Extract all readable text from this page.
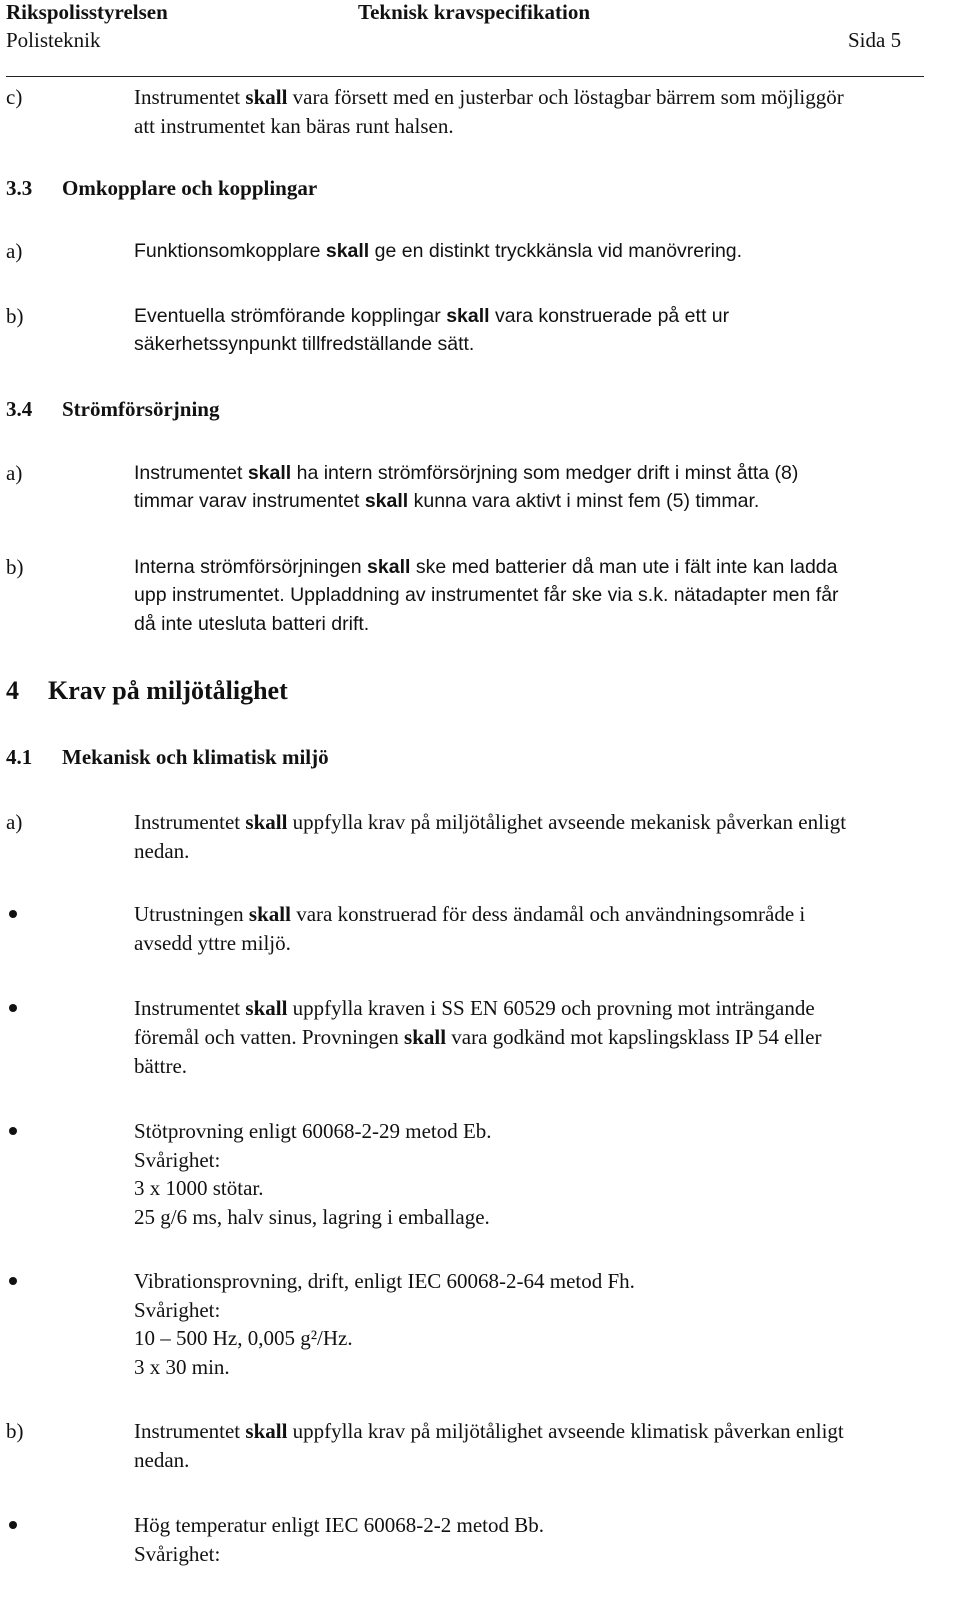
Rikspolisstyrelsen	Teknisk kravspecifikation
Polisteknik	Sida 5
c)	Instrumentet skall vara försett med en justerbar och löstagbar bärrem som möjliggör
att instrumentet kan bäras runt halsen.
3.3 Omkopplare och kopplingar
a)	Funktionsomkopplare skall ge en distinkt tryckkänsla vid manövrering.
b)	Eventuella strömförande kopplingar skall vara konstruerade på ett ur
säkerhetssynpunkt tillfredställande sätt.
3.4 Strömförsörjning
a)	Instrumentet skall ha intern strömförsörjning som medger drift i minst åtta (8)
timmar varav instrumentet skall kunna vara aktivt i minst fem (5) timmar.
b)	Interna strömförsörjningen skall ske med batterier då man ute i fält inte kan ladda
upp instrumentet. Uppladdning av instrumentet får ske via s.k. nätadapter men får
då inte utesluta batteri drift.
4 Krav på miljötålighet
4.1 Mekanisk och klimatisk miljö
a)	Instrumentet skall uppfylla krav på miljötålighet avseende mekanisk påverkan enligt
nedan.
Utrustningen skall vara konstruerad för dess ändamål och användningsområde i
avsedd yttre miljö.
Instrumentet skall uppfylla kraven i SS EN 60529 och provning mot inträngande
föremål och vatten. Provningen skall vara godkänd mot kapslingsklass IP 54 eller
bättre.
Stötprovning enligt 60068-2-29 metod Eb.
Svårighet:
3 x 1000 stötar.
25 g/6 ms, halv sinus, lagring i emballage.
Vibrationsprovning, drift, enligt IEC 60068-2-64 metod Fh.
Svårighet:
10 – 500 Hz, 0,005 g²/Hz.
3 x 30 min.
b)	Instrumentet skall uppfylla krav på miljötålighet avseende klimatisk påverkan enligt
nedan.
Hög temperatur enligt IEC 60068-2-2 metod Bb.
Svårighet:
